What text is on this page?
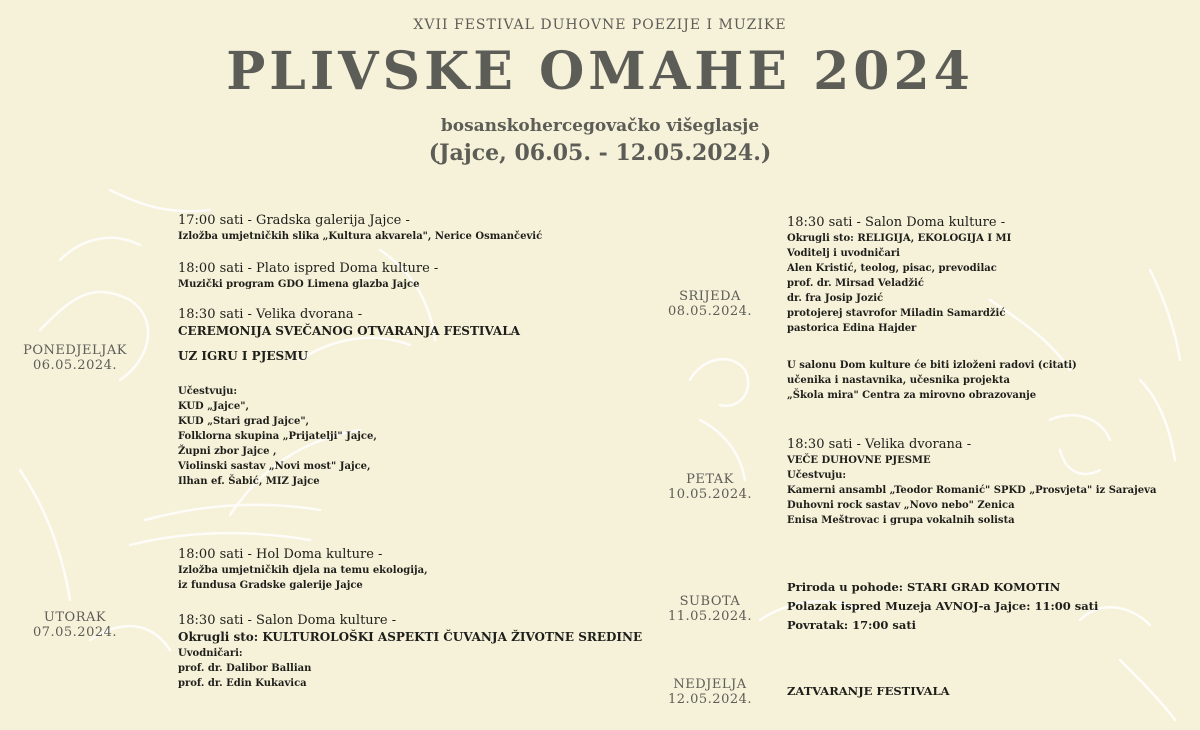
XVII FESTIVAL DUHOVNE POEZIJE I MUZIKE
PLIVSKE OMAHE 2024
bosanskohercegovačko višeglasje
(Jajce, 06.05. - 12.05.2024.)
PONEDJELJAK
06.05.2024.
UTORAK
07.05.2024.
SRIJEDA
08.05.2024.
PETAK
10.05.2024.
SUBOTA
11.05.2024.
NEDJELJA
12.05.2024.
17:00 sati - Gradska galerija Jajce -
Izložba umjetničkih slika „Kultura akvarela", Nerice Osmančević
18:00 sati - Plato ispred Doma kulture -
Muzički program GDO Limena glazba Jajce
18:30 sati - Velika dvorana -
CEREMONIJA SVEČANOG OTVARANJA FESTIVALA
UZ IGRU I PJESMU
Učestvuju:
KUD „Jajce",
KUD „Stari grad Jajce",
Folklorna skupina „Prijatelji" Jajce,
Župni zbor Jajce ,
Violinski sastav „Novi most" Jajce,
Ilhan ef. Šabić, MIZ Jajce
18:00 sati - Hol Doma kulture -
Izložba umjetničkih djela na temu ekologija,
iz fundusa Gradske galerije Jajce
18:30 sati - Salon Doma kulture -
Okrugli sto: KULTUROLOŠKI ASPEKTI ČUVANJA ŽIVOTNE SREDINE
Uvodničari:
prof. dr. Dalibor Ballian
prof. dr. Edin Kukavica
18:30 sati - Salon Doma kulture -
Okrugli sto: RELIGIJA, EKOLOGIJA I MI
Voditelj i uvodničari
Alen Kristić, teolog, pisac, prevodilac
prof. dr. Mirsad Veladžić
dr. fra Josip Jozić
protojerej stavrofor Miladin Samardžić
pastorica Edina Hajder
U salonu Dom kulture će biti izloženi radovi (citati)
učenika i nastavnika, učesnika projekta
„Škola mira" Centra za mirovno obrazovanje
18:30 sati - Velika dvorana -
VEČE DUHOVNE PJESME
Učestvuju:
Kamerni ansambl „Teodor Romanić" SPKD „Prosvjeta" iz Sarajeva
Duhovni rock sastav „Novo nebo" Zenica
Enisa Meštrovac i grupa vokalnih solista
Priroda u pohode: STARI GRAD KOMOTIN
Polazak ispred Muzeja AVNOJ-a Jajce: 11:00 sati
Povratak: 17:00 sati
ZATVARANJE FESTIVALA
